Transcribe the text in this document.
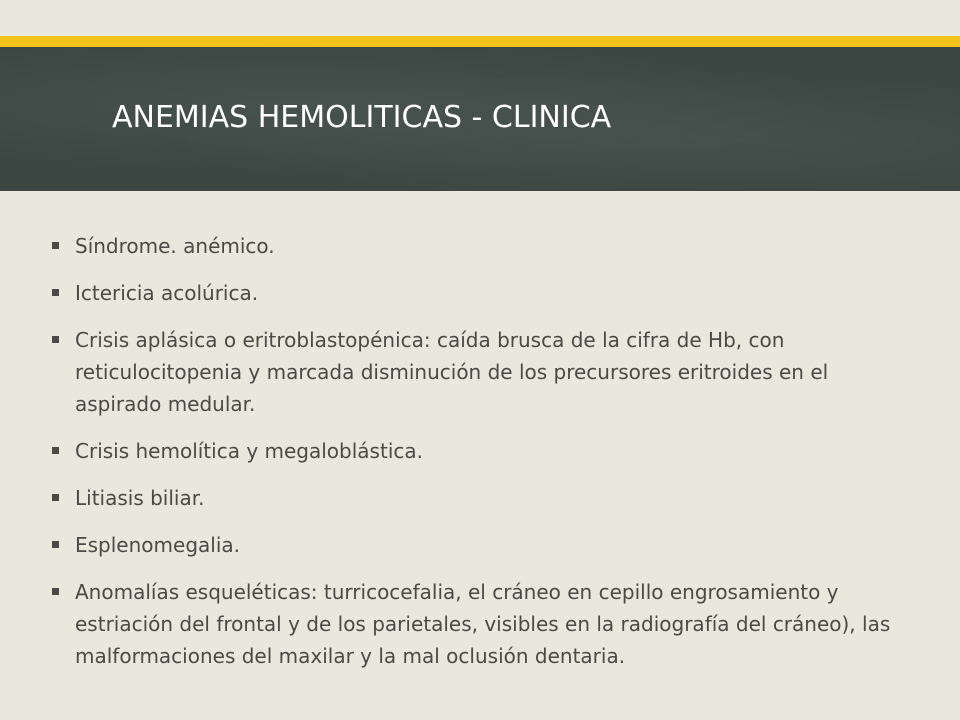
ANEMIAS HEMOLITICAS - CLINICA
Síndrome. anémico.
Ictericia acolúrica.
Crisis aplásica o eritroblastopénica: caída brusca de la cifra de Hb, con reticulocitopenia y marcada disminución de los precursores eritroides en el aspirado medular.
Crisis hemolítica y megaloblástica.
Litiasis biliar.
Esplenomegalia.
Anomalías esqueléticas: turricocefalia, el cráneo en cepillo engrosamiento y estriación del frontal y de los parietales, visibles en la radiografía del cráneo), las malformaciones del maxilar y la mal oclusión dentaria.
